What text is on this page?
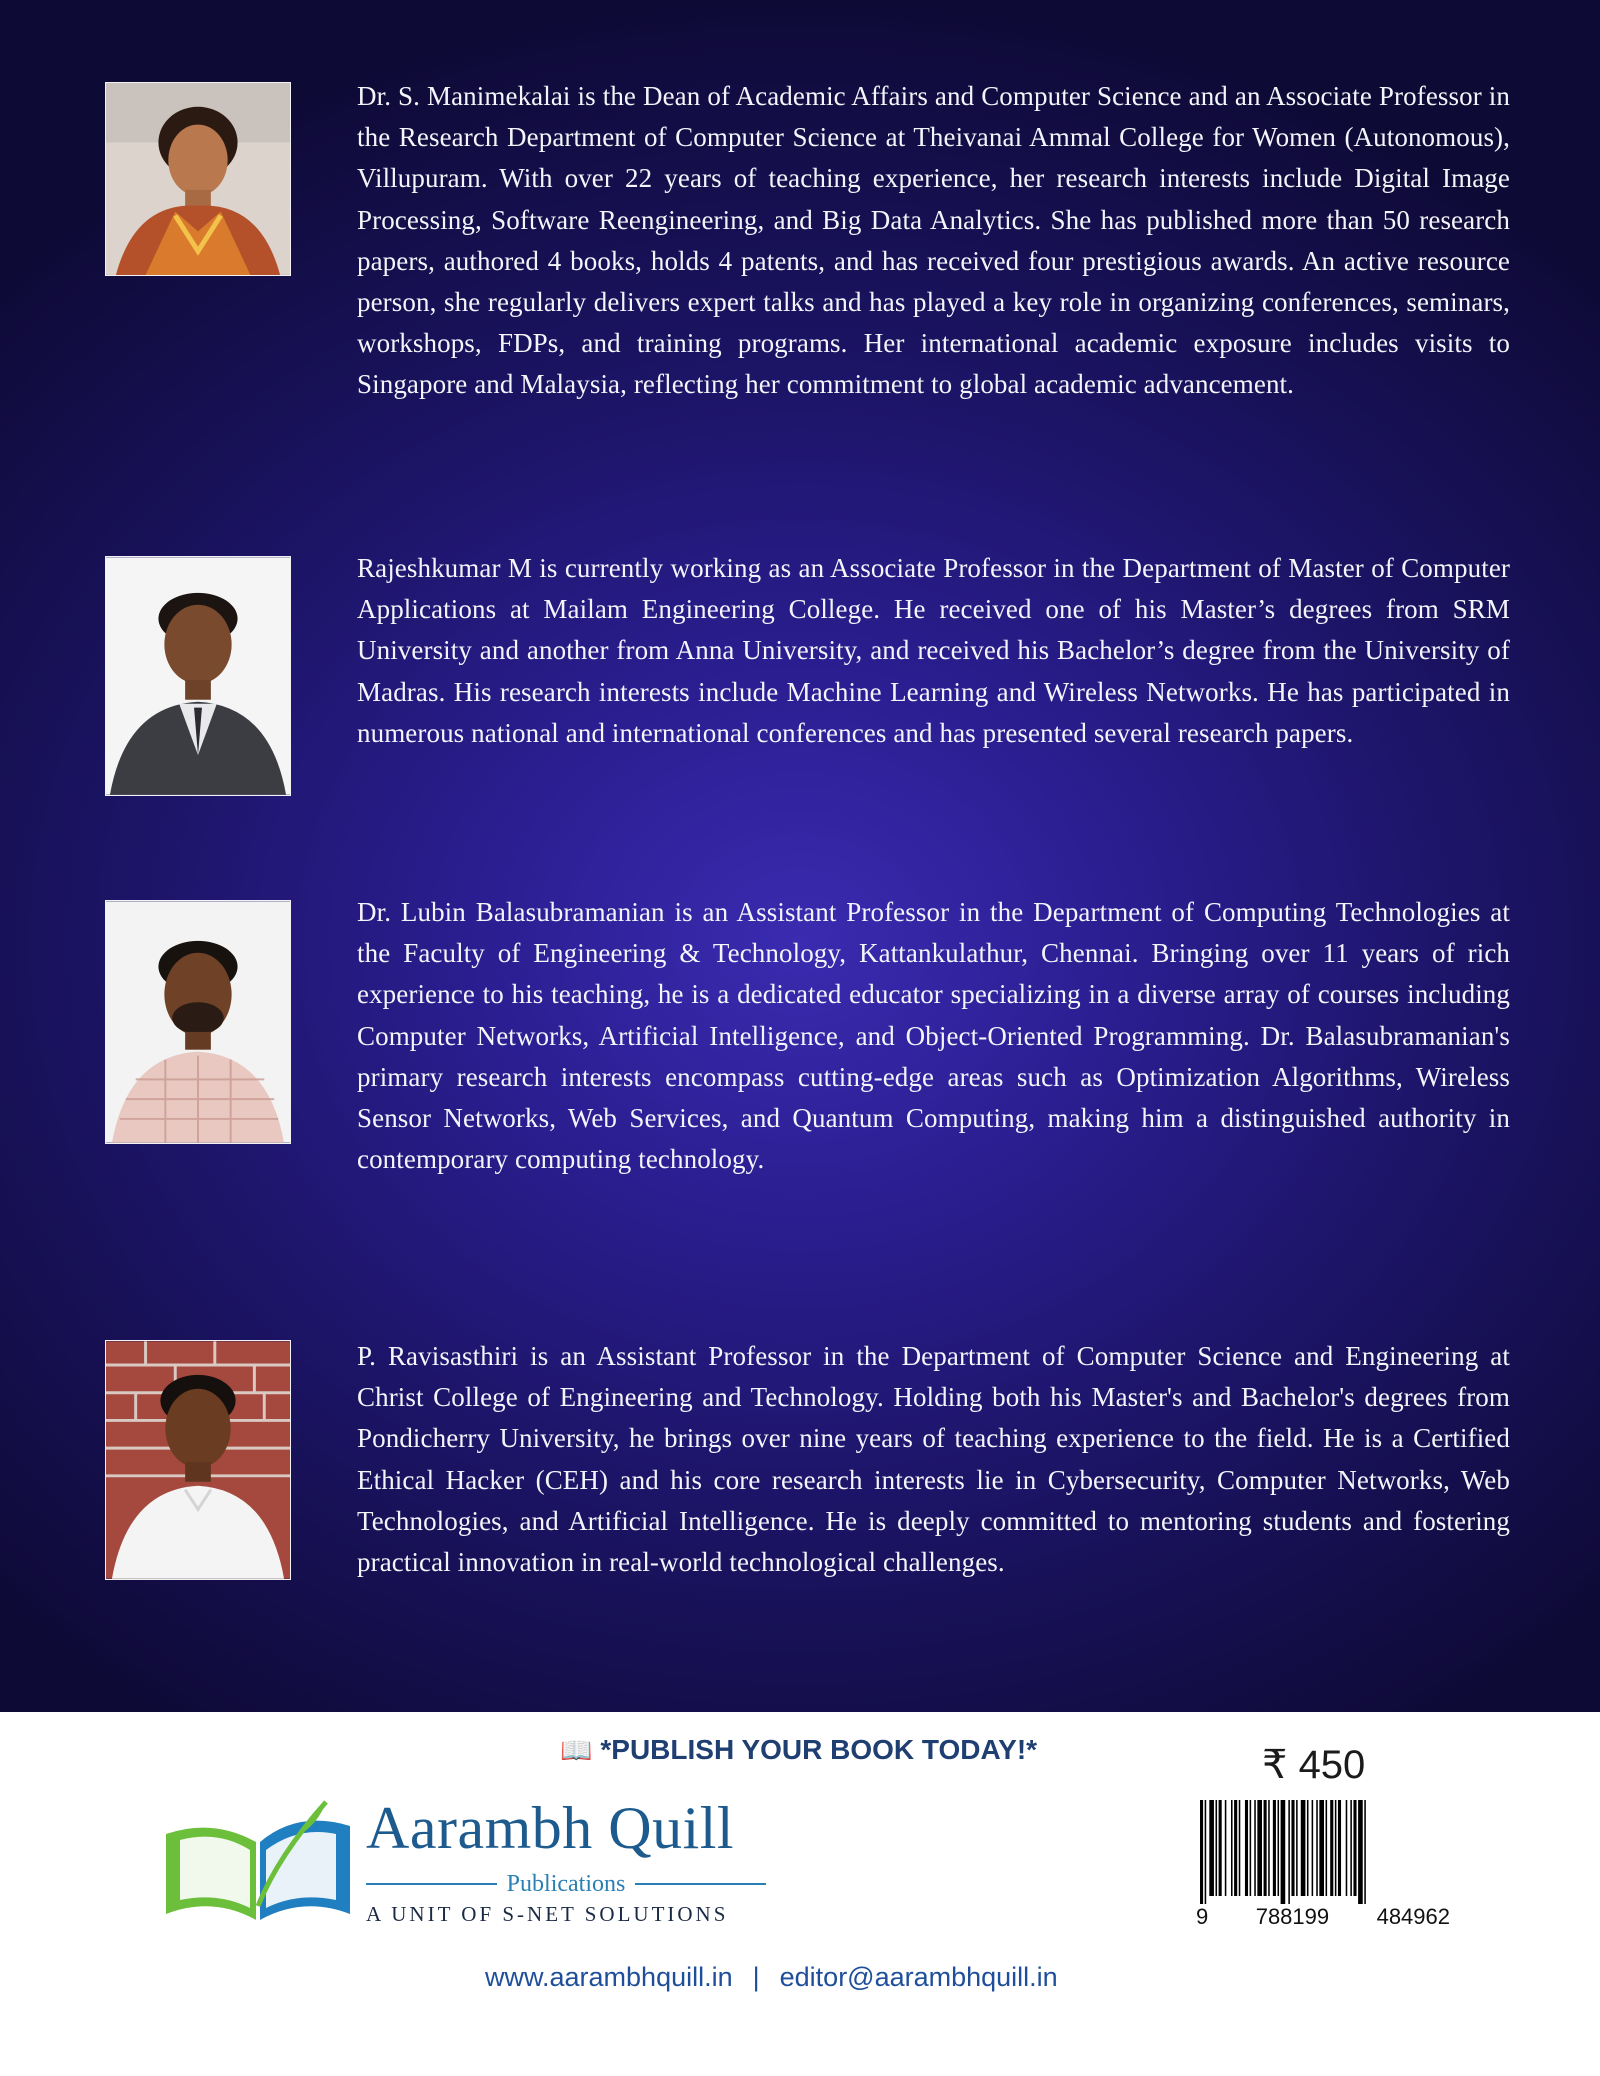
Dr. S. Manimekalai is the Dean of Academic Affairs and Computer Science and an Associate Professor in the Research Department of Computer Science at Theivanai Ammal College for Women (Autonomous), Villupuram. With over 22 years of teaching experience, her research interests include Digital Image Processing, Software Reengineering, and Big Data Analytics. She has published more than 50 research papers, authored 4 books, holds 4 patents, and has received four prestigious awards. An active resource person, she regularly delivers expert talks and has played a key role in organizing conferences, seminars, workshops, FDPs, and training programs. Her international academic exposure includes visits to Singapore and Malaysia, reflecting her commitment to global academic advancement.

Rajeshkumar M is currently working as an Associate Professor in the Department of Master of Computer Applications at Mailam Engineering College. He received one of his Master’s degrees from SRM University and another from Anna University, and received his Bachelor’s degree from the University of Madras. His research interests include Machine Learning and Wireless Networks. He has participated in numerous national and international conferences and has presented several research papers.

Dr. Lubin Balasubramanian is an Assistant Professor in the Department of Computing Technologies at the Faculty of Engineering & Technology, Kattankulathur, Chennai. Bringing over 11 years of rich experience to his teaching, he is a dedicated educator specializing in a diverse array of courses including Computer Networks, Artificial Intelligence, and Object-Oriented Programming. Dr. Balasubramanian's primary research interests encompass cutting-edge areas such as Optimization Algorithms, Wireless Sensor Networks, Web Services, and Quantum Computing, making him a distinguished authority in contemporary computing technology.

P. Ravisasthiri is an Assistant Professor in the Department of Computer Science and Engineering at Christ College of Engineering and Technology. Holding both his Master's and Bachelor's degrees from Pondicherry University, he brings over nine years of teaching experience to the field. He is a Certified Ethical Hacker (CEH) and his core research interests lie in Cybersecurity, Computer Networks, Web Technologies, and Artificial Intelligence. He is deeply committed to mentoring students and fostering practical innovation in real-world technological challenges.

📖 *PUBLISH YOUR BOOK TODAY!*
Aarambh Quill
Publications
A UNIT OF S-NET SOLUTIONS
₹ 450
9 788199 484962
www.aarambhquill.in | editor@aarambhquill.in
